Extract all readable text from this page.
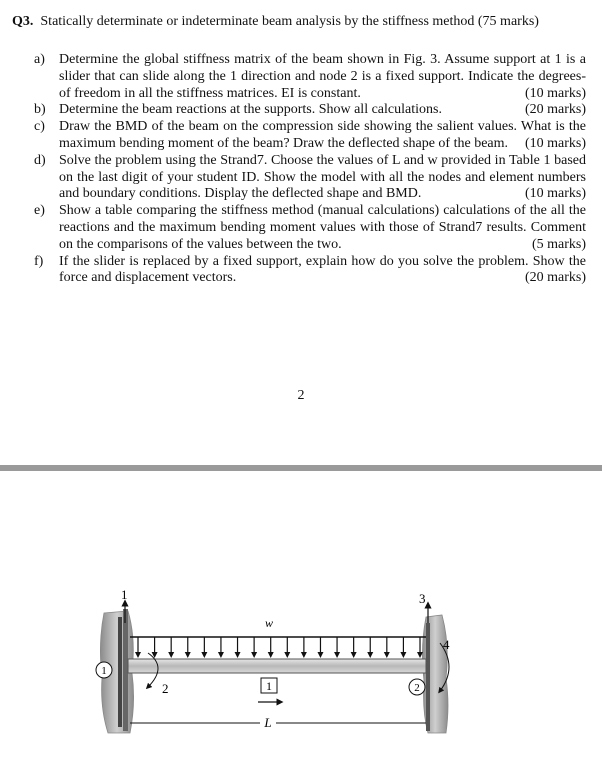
Q3. Statically determinate or indeterminate beam analysis by the stiffness method (75 marks)
a)	Determine the global stiffness matrix of the beam shown in Fig. 3. Assume support at 1 is a slider that can slide along the 1 direction and node 2 is a fixed support. Indicate the degrees-of freedom in all the stiffness matrices. EI is constant.	(10 marks)
b) Determine the beam reactions at the supports. Show all calculations.	(20 marks)
c)	Draw the BMD of the beam on the compression side showing the salient values. What is the maximum bending moment of the beam? Draw the deflected shape of the beam. (10 marks)
d) Solve the problem using the Strand7. Choose the values of L and w provided in Table 1 based on the last digit of your student ID. Show the model with all the nodes and element numbers and boundary conditions. Display the deflected shape and BMD.	(10 marks)
e)	Show a table comparing the stiffness method (manual calculations) calculations of the all the reactions and the maximum bending moment values with those of Strand7 results. Comment on the comparisons of the values between the two.	(5 marks)
f)	If the slider is replaced by a fixed support, explain how do you solve the problem. Show the force and displacement vectors.	(20 marks)
2
1
2
3
4
1
2
1
w
L
